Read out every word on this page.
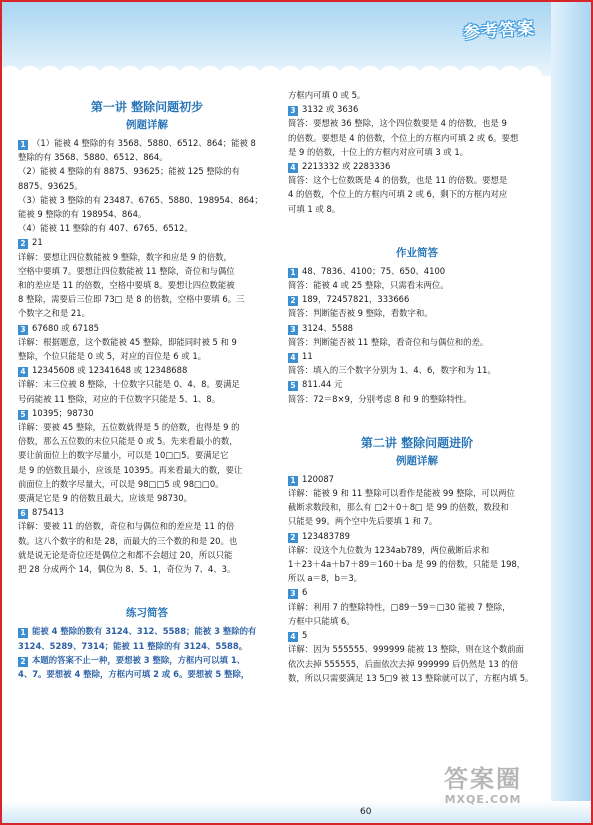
参考答案
第一讲 整除问题初步
例题详解
1 （1）能被 4 整除的有 3568、5880、6512、864；能被 8
整除的有 3568、5880、6512、864。
（2）能被 4 整除的有 8875、93625；能被 125 整除的有
8875、93625。
（3）能被 3 整除的有 23487、6765、5880、198954、864；
能被 9 整除的有 198954、864。
（4）能被 11 整除的有 407、6765、6512。
2 21
详解：要想让四位数能被 9 整除，数字和应是 9 的倍数，
空格中要填 7。要想让四位数能被 11 整除，奇位和与偶位
和的差应是 11 的倍数，空格中要填 8。要想让四位数能被
8 整除，需要后三位即 73□ 是 8 的倍数，空格中要填 6。三
个数字之和是 21。
3 67680 或 67185
详解：根据题意，这个数能被 45 整除，即能同时被 5 和 9
整除，个位只能是 0 或 5，对应的百位是 6 或 1。
4 12345608 或 12341648 或 12348688
详解：末三位被 8 整除，十位数字只能是 0、4、8。要满足
号码能被 11 整除，对应的千位数字只能是 5、1、8。
5 10395；98730
详解：要被 45 整除，五位数就得是 5 的倍数，也得是 9 的
倍数，那么五位数的末位只能是 0 或 5。先来看最小的数，
要让前面位上的数字尽量小，可以是 10□□5。要满足它
是 9 的倍数且最小，应该是 10395。再来看最大的数，要让
前面位上的数字尽量大，可以是 98□□5 或 98□□0。
要满足它是 9 的倍数且最大，应该是 98730。
6 875413
详解：要被 11 的倍数，奇位和与偶位和的差应是 11 的倍
数。这八个数字的和是 28，而最大的三个数的和是 20。也
就是说无论是奇位还是偶位之和都不会超过 20，所以只能
把 28 分成两个 14，偶位为 8、5、1，奇位为 7、4、3。
练习简答
1 能被 4 整除的数有 3124、312、5588；能被 3 整除的有
3124、5289、7314；能被 11 整除的有 3124、5588。
2 本题的答案不止一种，要想被 3 整除，方框内可以填 1、
4、7。要想被 4 整除，方框内可填 2 或 6。要想被 5 整除，
方框内可填 0 或 5。
3 3132 或 3636
简答：要想被 36 整除，这个四位数要是 4 的倍数，也是 9
的倍数。要想是 4 的倍数，个位上的方框内可填 2 或 6。要想
是 9 的倍数，十位上的方框内对应可填 3 或 1。
4 2213332 或 2283336
简答：这个七位数既是 4 的倍数，也是 11 的倍数。要想是
4 的倍数，个位上的方框内可填 2 或 6，剩下的方框内对应
可填 1 或 8。
作业简答
1 48、7836、4100；75、650、4100
简答：能被 4 或 25 整除，只需看末两位。
2 189，72457821，333666
简答：判断能否被 9 整除，看数字和。
3 3124、5588
简答：判断能否被 11 整除，看奇位和与偶位和的差。
4 11
简答：填入的三个数字分别为 1、4、6，数字和为 11。
5 811.44 元
简答：72＝8×9，分别考虑 8 和 9 的整除特性。
第二讲 整除问题进阶
例题详解
1 120087
详解：能被 9 和 11 整除可以看作是能被 99 整除，可以两位
截断求数段和，那么有 □2＋0＋8□ 是 99 的倍数，数段和
只能是 99。两个空中先后要填 1 和 7。
2 123483789
详解：设这个九位数为 1234ab789，两位截断后求和
1＋23＋4a＋b7＋89＝160＋ba 是 99 的倍数，只能是 198，
所以 a＝8，b＝3。
3 6
详解：利用 7 的整除特性，□89－59＝□30 能被 7 整除，
方框中只能填 6。
4 5
详解：因为 555555、999999 能被 13 整除，则在这个数前面
依次去掉 555555，后面依次去掉 999999 后仍然是 13 的倍
数，所以只需要满足 13 5□9 被 13 整除就可以了，方框内填 5。
60
答案圈
MXQE.COM
